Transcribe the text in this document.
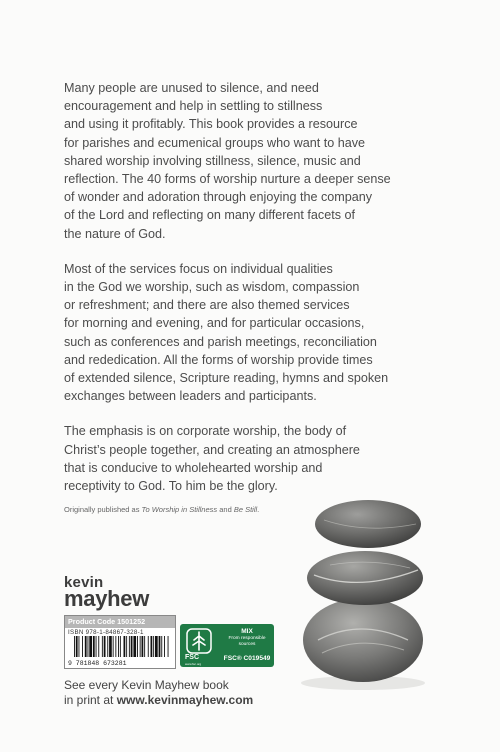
Many people are unused to silence, and need
encouragement and help in settling to stillness
and using it profitably. This book provides a resource
for parishes and ecumenical groups who want to have
shared worship involving stillness, silence, music and
reflection. The 40 forms of worship nurture a deeper sense
of wonder and adoration through enjoying the company
of the Lord and reflecting on many different facets of
the nature of God.

Most of the services focus on individual qualities
in the God we worship, such as wisdom, compassion
or refreshment; and there are also themed services
for morning and evening, and for particular occasions,
such as conferences and parish meetings, reconciliation
and rededication. All the forms of worship provide times
of extended silence, Scripture reading, hymns and spoken
exchanges between leaders and participants.

The emphasis is on corporate worship, the body of
Christ’s people together, and creating an atmosphere
that is conducive to wholehearted worship and
receptivity to God. To him be the glory.

Originally published as To Worship in Stillness and Be Still.
kevin
mayhew
Product Code 1501252
ISBN 978-1-84867-328-1
9 781848 673281
FSC
www.fsc.org
MIX
From responsible
sources
FSC® C019549
See every Kevin Mayhew book
in print at www.kevinmayhew.com
